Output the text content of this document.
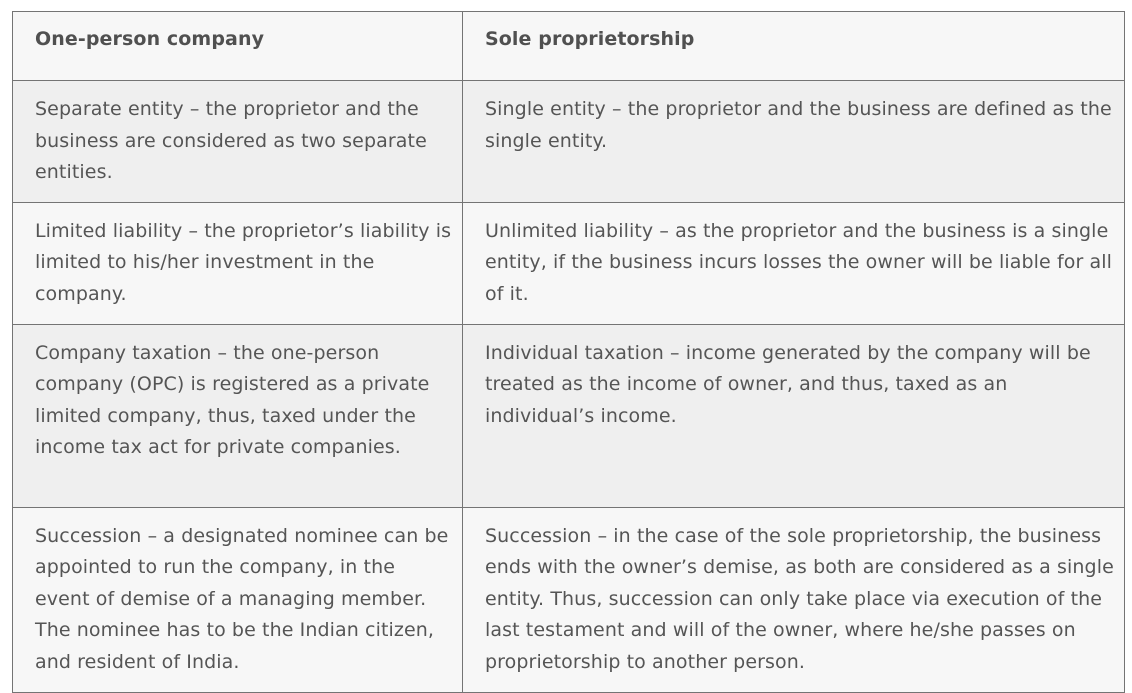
One-person company	Sole proprietorship
Separate entity – the proprietor and the business are considered as two separate entities.	Single entity – the proprietor and the business are defined as the single entity.
Limited liability – the proprietor’s liability is limited to his/her investment in the company.	Unlimited liability – as the proprietor and the business is a single entity, if the business incurs losses the owner will be liable for all of it.
Company taxation – the one-person company (OPC) is registered as a private limited company, thus, taxed under the income tax act for private companies.	Individual taxation – income generated by the company will be treated as the income of owner, and thus, taxed as an individual’s income.
Succession – a designated nominee can be appointed to run the company, in the event of demise of a managing member. The nominee has to be the Indian citizen, and resident of India.	Succession – in the case of the sole proprietorship, the business ends with the owner’s demise, as both are considered as a single entity. Thus, succession can only take place via execution of the last testament and will of the owner, where he/she passes on proprietorship to another person.
